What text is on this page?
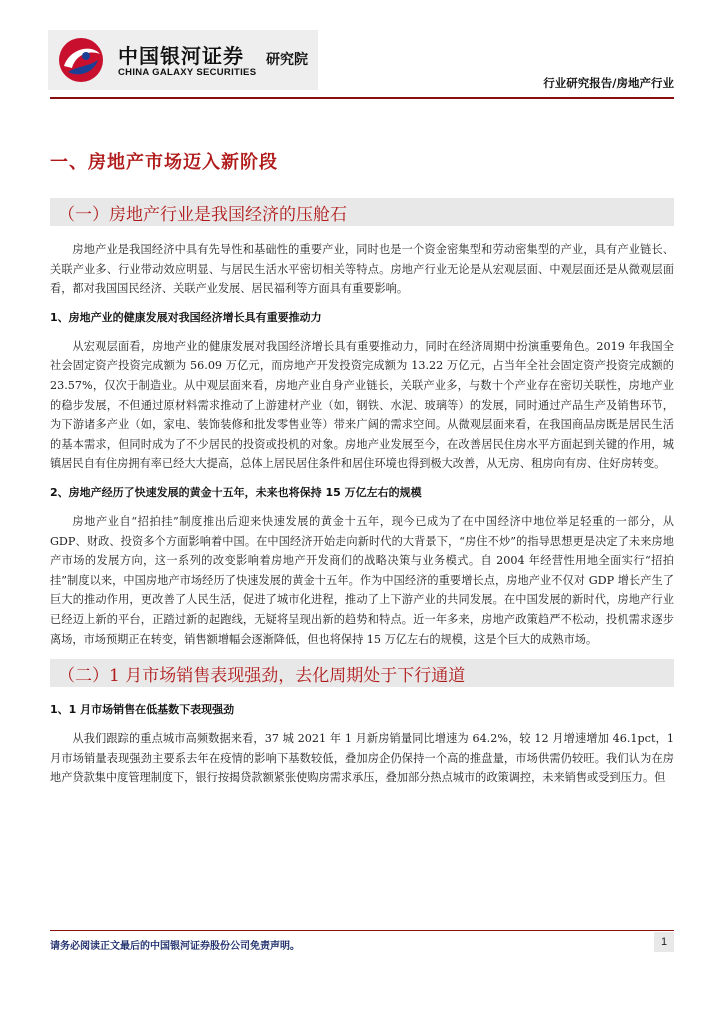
中国银河证券
CHINA GALAXY SECURITIES
研究院
行业研究报告/房地产行业
一、房地产市场迈入新阶段
（一）房地产行业是我国经济的压舱石

房地产业是我国经济中具有先导性和基础性的重要产业，同时也是一个资金密集型和劳动密集型的产业，具有产业链长、关联产业多、行业带动效应明显、与居民生活水平密切相关等特点。房地产行业无论是从宏观层面、中观层面还是从微观层面看，都对我国国民经济、关联产业发展、居民福利等方面具有重要影响。

1、房地产业的健康发展对我国经济增长具有重要推动力

从宏观层面看，房地产业的健康发展对我国经济增长具有重要推动力，同时在经济周期中扮演重要角色。2019 年我国全社会固定资产投资完成额为 56.09 万亿元，而房地产开发投资完成额为 13.22 万亿元，占当年全社会固定资产投资完成额的 23.57%，仅次于制造业。从中观层面来看，房地产业自身产业链长，关联产业多，与数十个产业存在密切关联性，房地产业的稳步发展，不但通过原材料需求推动了上游建材产业（如，钢铁、水泥、玻璃等）的发展，同时通过产品生产及销售环节，为下游诸多产业（如，家电、装饰装修和批发零售业等）带来广阔的需求空间。从微观层面来看，在我国商品房既是居民生活的基本需求，但同时成为了不少居民的投资或投机的对象。房地产业发展至今，在改善居民住房水平方面起到关键的作用，城镇居民自有住房拥有率已经大大提高，总体上居民居住条件和居住环境也得到极大改善，从无房、租房向有房、住好房转变。

2、房地产经历了快速发展的黄金十五年，未来也将保持 15 万亿左右的规模

房地产业自“招拍挂”制度推出后迎来快速发展的黄金十五年，现今已成为了在中国经济中地位举足轻重的一部分，从 GDP、财政、投资多个方面影响着中国。在中国经济开始走向新时代的大背景下，“房住不炒”的指导思想更是决定了未来房地产市场的发展方向，这一系列的改变影响着房地产开发商们的战略决策与业务模式。自 2004 年经营性用地全面实行“招拍挂”制度以来，中国房地产市场经历了快速发展的黄金十五年。作为中国经济的重要增长点，房地产业不仅对 GDP 增长产生了巨大的推动作用，更改善了人民生活，促进了城市化进程，推动了上下游产业的共同发展。在中国发展的新时代，房地产行业已经迈上新的平台，正踏过新的起跑线，无疑将呈现出新的趋势和特点。近一年多来，房地产政策趋严不松动，投机需求逐步离场，市场预期正在转变，销售额增幅会逐渐降低，但也将保持 15 万亿左右的规模，这是个巨大的成熟市场。

（二）1 月市场销售表现强劲，去化周期处于下行通道
1、1 月市场销售在低基数下表现强劲

从我们跟踪的重点城市高频数据来看，37 城 2021 年 1 月新房销量同比增速为 64.2%，较 12 月增速增加 46.1pct，1 月市场销量表现强劲主要系去年在疫情的影响下基数较低，叠加房企仍保持一个高的推盘量，市场供需仍较旺。我们认为在房地产贷款集中度管理制度下，银行按揭贷款额紧张使购房需求承压，叠加部分热点城市的政策调控，未来销售或受到压力。但

请务必阅读正文最后的中国银河证券股份公司免责声明。	1
